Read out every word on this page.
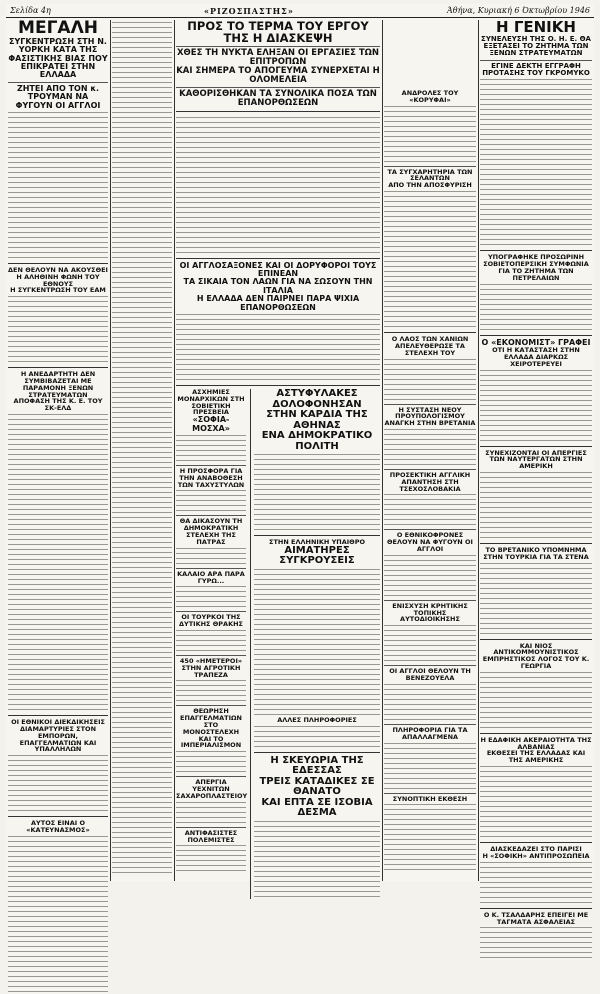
Σελίδα 4η	«ΡΙΖΟΣΠΑΣΤΗΣ»	Άθήνα, Κυριακή 6 Όκτωβρίου 1946
ΜΕΓΑΛΗ
ΣΥΓΚΕΝΤΡΩΣΗ ΣΤΗ Ν. ΥΟΡΚΗ ΚΑΤΑ ΤΗΣ ΦΑΣΙΣΤΙΚΗΣ ΒΙΑΣ ΠΟΥ ΕΠΙΚΡΑΤΕΙ ΣΤΗΝ ΕΛΛΑΔΑ
ΖΗΤΕΙ ΑΠΟ ΤΟΝ κ. ΤΡΟΥΜΑΝ ΝΑ ΦΥΓΟΥΝ ΟΙ ΑΓΓΛΟΙ
ΔΕΝ ΘΕΛΟΥΝ ΝΑ ΑΚΟΥΣΘΕΙ Η ΑΛΗΘΙΝΗ ΦΩΝΗ ΤΟΥ ΕΘΝΟΥΣ
Η ΣΥΓΚΕΝΤΡΩΣΗ ΤΟΥ ΕΑΜ
Η ΑΝΕΔΑΡΤΗΤΗ ΔΕΝ ΣΥΜΒΙΒΑΖΕΤΑΙ ΜΕ ΠΑΡΑΜΟΝΗ ΞΕΝΩΝ ΣΤΡΑΤΕΥΜΑΤΩΝ
ΑΠΟΦΑΣΗ ΤΗΣ Κ. Ε. ΤΟΥ ΣΚ-ΕΛΔ
ΟΙ ΕΘΝΙΚΟΙ ΔΙΕΚΔΙΚΗΣΕΙΣ
ΔΙΑΜΑΡΤΥΡΙΕΣ ΣΤΟΝ ΕΜΠΟΡΩΝ, ΕΠΑΓΓΕΛΜΑΤΙΩΝ ΚΑΙ ΥΠΑΛΛΗΛΩΝ
ΑΥΤΟΣ ΕΙΝΑΙ Ο «ΚΑΤΕΥΝΑΣΜΟΣ»
ΠΡΟΣ ΤΟ ΤΕΡΜΑ ΤΟΥ ΕΡΓΟΥ ΤΗΣ Η ΔΙΑΣΚΕΨΗ
ΧΘΕΣ ΤΗ ΝΥΚΤΑ ΕΛΗΞΑΝ ΟΙ ΕΡΓΑΣΙΕΣ ΤΩΝ ΕΠΙΤΡΟΠΩΝ
ΚΑΙ ΣΗΜΕΡΑ ΤΟ ΑΠΟΓΕΥΜΑ ΣΥΝΕΡΧΕΤΑΙ Η ΟΛΟΜΕΛΕΙΑ
ΚΑΘΟΡΙΣΘΗΚΑΝ ΤΑ ΣΥΝΟΛΙΚΑ ΠΟΣΑ ΤΩΝ ΕΠΑΝΟΡΘΩΣΕΩΝ
ΟΙ ΑΓΓΛΟΣΑΞΟΝΕΣ ΚΑΙ ΟΙ ΔΟΡΥΦΟΡΟΙ ΤΟΥΣ ΕΠΙΝΕΑΝ
ΤΑ ΣΙΚΑΙΑ ΤΟΝ ΛΑΩΝ ΓΙΑ ΝΑ ΣΩΣΟΥΝ ΤΗΝ ΙΤΑΛΙΑ
Η ΕΛΛΑΔΑ ΔΕΝ ΠΑΙΡΝΕΙ ΠΑΡΑ ΨΙΧΙΑ ΕΠΑΝΟΡΘΩΣΕΩΝ
ΑΣΧΗΜΙΕΣ ΜΟΝΑΡΧΙΚΩΝ ΣΤΗ ΣΟΒΙΕΤΙΚΗ ΠΡΕΣΒΕΙΑ
«ΣΟΦΙΑ-ΜΟΣΧΑ»
Η ΠΡΟΣΦΟΡΑ ΓΙΑ ΤΗΝ ΑΝΑΒΟΘΕΣΗ ΤΩΝ ΤΑΧΥΣΤΥΛΩΝ
ΘΑ ΔΙΚΑΣΟΥΝ ΤΗ ΔΗΜΟΚΡΑΤΙΚΗ ΣΤΕΛΕΧΗ ΤΗΣ ΠΑΤΡΑΣ
ΚΑΛΑΙΟ ΑΡΑ ΠΑΡΑ ΓΥΡΩ...
ΟΙ ΤΟΥΡΚΟΙ ΤΗΣ ΔΥΤΙΚΗΣ ΘΡΑΚΗΣ
450 «ΗΜΕΤΕΡΟΙ» ΣΤΗΝ ΑΓΡΟΤΙΚΗ ΤΡΑΠΕΖΑ
ΘΕΩΡΗΣΗ ΕΠΑΓΓΕΛΜΑΤΙΩΝ ΣΤΟ ΜΟΝΟΣΤΕΛΕΧΗ ΚΑΙ ΤΟ ΙΜΠΕΡΙΑΛΙΣΜΟΝ
ΑΠΕΡΓΙΑ ΥΕΧΝΙΤΩΝ ΣΑΧΑΡΟΠΛΑΣΤΕΙΟΥ
ΑΝΤΙΦΑΣΙΣΤΕΣ ΠΟΛΕΜΙΣΤΕΣ
ΑΣΤΥΦΥΛΑΚΕΣ ΔΟΛΟΦΟΝΗΣΑΝ
ΣΤΗΝ ΚΑΡΔΙΑ ΤΗΣ ΑΘΗΝΑΣ
ΕΝΑ ΔΗΜΟΚΡΑΤΙΚΟ ΠΟΛΙΤΗ
ΣΤΗΝ ΕΛΛΗΝΙΚΗ ΥΠΑΙΘΡΟ
ΑΙΜΑΤΗΡΕΣ ΣΥΓΚΡΟΥΣΕΙΣ
ΑΛΛΕΣ ΠΛΗΡΟΦΟΡΙΕΣ
Η ΣΚΕΥΩΡΙΑ ΤΗΣ ΕΔΕΣΣΑΣ
ΤΡΕΙΣ ΚΑΤΑΔΙΚΕΣ ΣΕ ΘΑΝΑΤΟ
ΚΑΙ ΕΠΤΑ ΣΕ ΙΣΟΒΙΑ ΔΕΣΜΑ
ΑΝΔΡΟΛΕΣ ΤΟΥ «ΚΟΡΥΦΑΙ»
ΤΑ ΣΥΓΧΑΡΗΤΗΡΙΑ ΤΩΝ ΣΕΛΑΝΤΩΝ
ΑΠΟ ΤΗΝ ΑΠΟΣΦΥΡΙΣΗ
Ο ΛΑΟΣ ΤΩΝ ΧΑΝΙΩΝ ΑΠΕΛΕΥΘΕΡΩΣΕ ΤΑ ΣΤΕΛΕΧΗ ΤΟΥ
Η ΣΥΣΤΑΣΗ ΝΕΟΥ ΠΡΟΥΠΟΛΟΓΙΣΜΟΥ ΑΝΑΓΚΗ ΣΤΗΝ ΒΡΕΤΑΝΙΑ
ΠΡΟΣΕΚΤΙΚΗ ΑΓΓΛΙΚΗ ΑΠΑΝΤΗΣΗ ΣΤΗ ΤΣΕΧΟΣΛΟΒΑΚΙΑ
Ο ΕΘΝΙΚΟΦΡΟΝΕΣ ΘΕΛΟΥΝ ΝΑ ΦΥΓΟΥΝ ΟΙ ΑΓΓΛΟΙ
ΕΝΙΣΧΥΣΗ ΚΡΗΤΙΚΗΣ ΤΟΠΙΚΗΣ ΑΥΤΟΔΙΟΙΚΗΣΗΣ
ΟΙ ΑΓΓΛΟΙ ΘΕΛΟΥΝ ΤΗ ΒΕΝΕΖΟΥΕΛΑ
ΠΛΗΡΟΦΟΡΙΑ ΓΙΑ ΤΑ ΑΠΑΛΛΑΓΜΕΝΑ
ΣΥΝΟΠΤΙΚΗ ΕΚΘΕΣΗ
Η ΓΕΝΙΚΗ
ΣΥΝΕΛΕΥΣΗ ΤΗΣ Ο. Η. Ε. ΘΑ ΕΞΕΤΑΣΕΙ ΤΟ ΖΗΤΗΜΑ ΤΩΝ ΞΕΝΩΝ ΣΤΡΑΤΕΥΜΑΤΩΝ
ΕΓΙΝΕ ΔΕΚΤΗ ΕΓΓΡΑΦΗ ΠΡΟΤΑΣΗΣ ΤΟΥ ΓΚΡΟΜΥΚΟ
ΥΠΟΓΡΑΦΗΚΕ ΠΡΟΣΩΡΙΝΗ ΣΟΒΙΕΤΟΠΕΡΣΙΚΗ ΣΥΜΦΩΝΙΑ ΓΙΑ ΤΟ ΖΗΤΗΜΑ ΤΩΝ ΠΕΤΡΕΛΑΙΩΝ
Ο «ΕΚΟΝΟΜΙΣΤ» ΓΡΑΦΕΙ
ΟΤΙ Η ΚΑΤΑΣΤΑΣΗ ΣΤΗΝ ΕΛΛΑΔΑ ΔΙΑΡΚΩΣ ΧΕΙΡΟΤΕΡΕΥΕΙ
ΣΥΝΕΧΙΖΟΝΤΑΙ ΟΙ ΑΠΕΡΓΙΕΣ ΤΩΝ ΝΑΥΤΕΡΓΑΤΩΝ ΣΤΗΝ ΑΜΕΡΙΚΗ
ΤΟ ΒΡΕΤΑΝΙΚΟ ΥΠΟΜΝΗΜΑ
ΣΤΗΝ ΤΟΥΡΚΙΑ ΓΙΑ ΤΑ ΣΤΕΝΑ
ΚΑΙ ΝΙΟΣ ΑΝΤΙΚΟΜΜΟΥΝΙΣΤΙΚΟΣ ΕΜΠΡΗΣΤΙΚΟΣ ΛΟΓΟΣ ΤΟΥ Κ. ΓΕΩΡΓΙΑ
Η ΕΔΑΦΙΚΗ ΑΚΕΡΑΙΟΤΗΤΑ ΤΗΣ ΑΛΒΑΝΙΑΣ
ΕΚΘΕΣΕΙ ΤΗΣ ΕΛΛΑΔΑΣ ΚΑΙ ΤΗΣ ΑΜΕΡΙΚΗΣ
ΔΙΑΣΚΕΔΑΖΕΙ ΣΤΟ ΠΑΡΙΣΙ
Η «ΣΟΦΙΚΗ» ΑΝΤΙΠΡΟΣΩΠΕΙΑ
Ο Κ. ΤΣΑΛΔΑΡΗΣ ΕΠΕΙΓΕΙ ΜΕ ΤΑΓΜΑΤΑ ΑΣΦΑΛΕΙΑΣ
